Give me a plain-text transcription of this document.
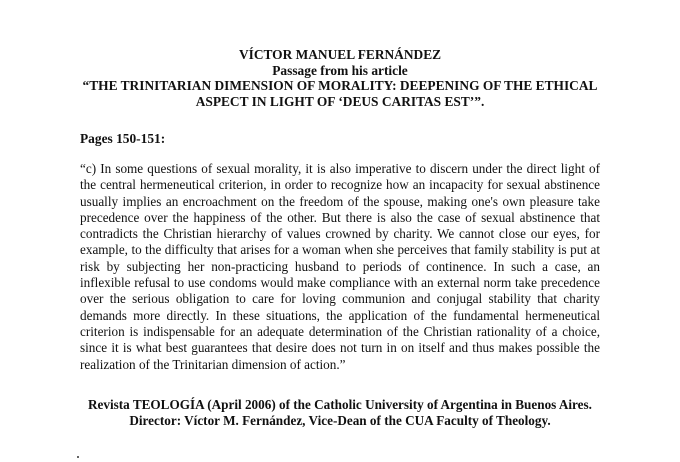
VÍCTOR MANUEL FERNÁNDEZ
Passage from his article
“THE TRINITARIAN DIMENSION OF MORALITY: DEEPENING OF THE ETHICAL ASPECT IN LIGHT OF ‘DEUS CARITAS EST’”.
Pages 150-151:
“c) In some questions of sexual morality, it is also imperative to discern under the direct light of the central hermeneutical criterion, in order to recognize how an incapacity for sexual abstinence usually implies an encroachment on the freedom of the spouse, making one's own pleasure take precedence over the happiness of the other. But there is also the case of sexual abstinence that contradicts the Christian hierarchy of values crowned by charity. We cannot close our eyes, for example, to the difficulty that arises for a woman when she perceives that family stability is put at risk by subjecting her non-practicing husband to periods of continence. In such a case, an inflexible refusal to use condoms would make compliance with an external norm take precedence over the serious obligation to care for loving communion and conjugal stability that charity demands more directly. In these situations, the application of the fundamental hermeneutical criterion is indispensable for an adequate determination of the Christian rationality of a choice, since it is what best guarantees that desire does not turn in on itself and thus makes possible the realization of the Trinitarian dimension of action.”
Revista TEOLOGÍA (April 2006) of the Catholic University of Argentina in Buenos Aires.
Director: Víctor M. Fernández, Vice-Dean of the CUA Faculty of Theology.
